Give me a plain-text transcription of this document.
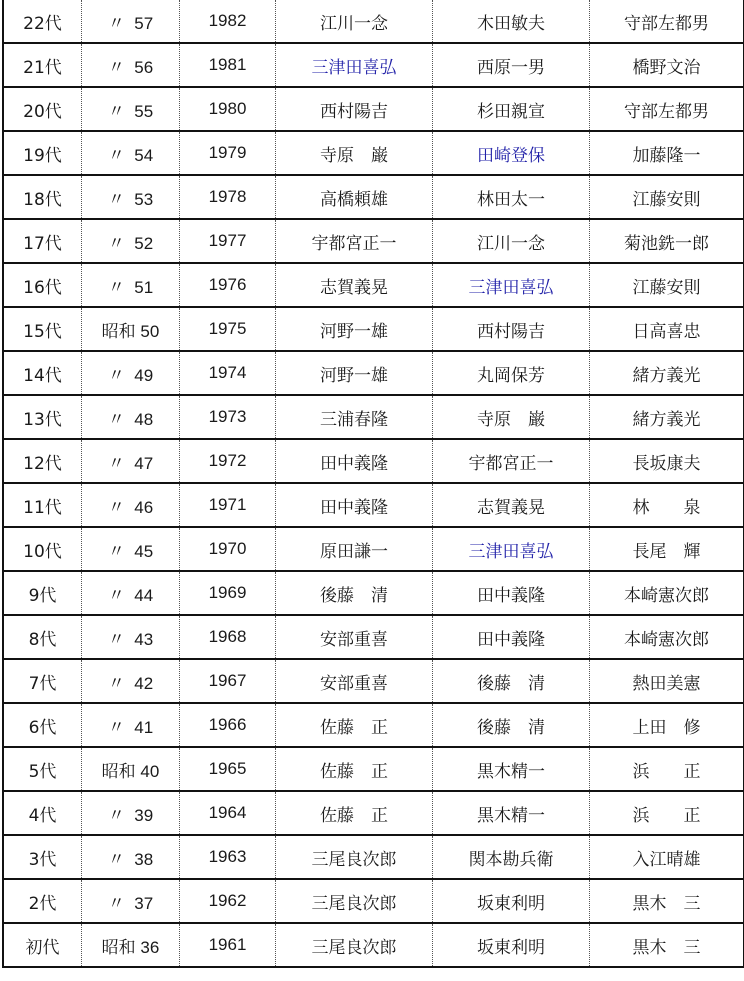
22代	〃  57	1982	江川一念	木田敏夫	守部左都男
21代	〃  56	1981	三津田喜弘	西原一男	橋野文治
20代	〃  55	1980	西村陽吉	杉田親宣	守部左都男
19代	〃  54	1979	寺原　巌	田崎登保	加藤隆一
18代	〃  53	1978	高橋頼雄	林田太一	江藤安則
17代	〃  52	1977	宇都宮正一	江川一念	菊池銑一郎
16代	〃  51	1976	志賀義晃	三津田喜弘	江藤安則
15代	昭和 50	1975	河野一雄	西村陽吉	日高喜忠
14代	〃  49	1974	河野一雄	丸岡保芳	緒方義光
13代	〃  48	1973	三浦春隆	寺原　巌	緒方義光
12代	〃  47	1972	田中義隆	宇都宮正一	長坂康夫
11代	〃  46	1971	田中義隆	志賀義晃	林　　泉
10代	〃  45	1970	原田謙一	三津田喜弘	長尾　輝
9代	〃  44	1969	後藤　清	田中義隆	本崎憲次郎
8代	〃  43	1968	安部重喜	田中義隆	本崎憲次郎
7代	〃  42	1967	安部重喜	後藤　清	熱田美憲
6代	〃  41	1966	佐藤　正	後藤　清	上田　修
5代	昭和 40	1965	佐藤　正	黒木精一	浜　　正
4代	〃  39	1964	佐藤　正	黒木精一	浜　　正
3代	〃  38	1963	三尾良次郎	関本勘兵衛	入江晴雄
2代	〃  37	1962	三尾良次郎	坂東利明	黒木　三
初代	昭和 36	1961	三尾良次郎	坂東利明	黒木　三
